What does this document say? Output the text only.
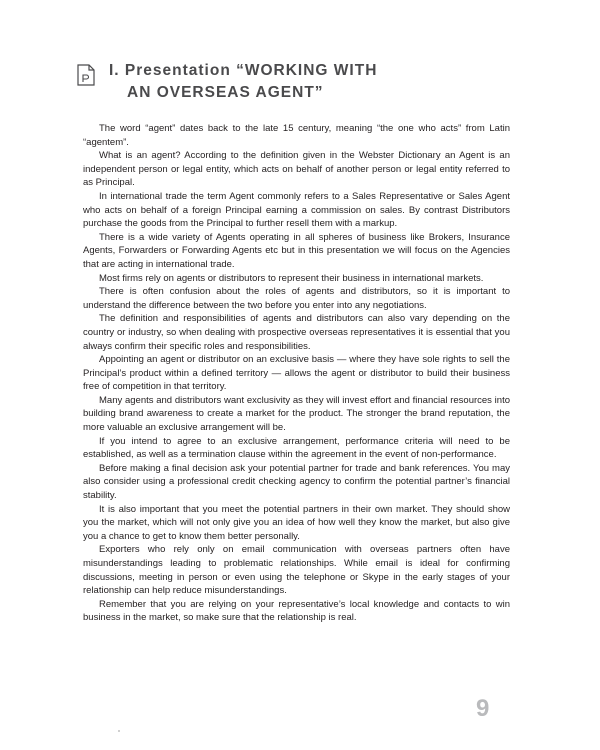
I. Presentation “WORKING WITH
AN OVERSEAS AGENT”

The word “agent” dates back to the late 15 century, meaning “the one who acts” from Latin “agentem”.

What is an agent? According to the definition given in the Webster Dictionary an Agent is an independent person or legal entity, which acts on behalf of another person or legal entity referred to as Principal.

In international trade the term Agent commonly refers to a Sales Representative or Sales Agent who acts on behalf of a foreign Principal earning a commission on sales. By contrast Distributors purchase the goods from the Principal to further resell them with a markup.

There is a wide variety of Agents operating in all spheres of business like Brokers, Insurance Agents, Forwarders or Forwarding Agents etc but in this presentation we will focus on the Agencies that are acting in international trade.

Most firms rely on agents or distributors to represent their business in international markets.

There is often confusion about the roles of agents and distributors, so it is important to understand the difference between the two before you enter into any negotiations.

The definition and responsibilities of agents and distributors can also vary depending on the country or industry, so when dealing with prospective overseas representatives it is essential that you always confirm their specific roles and responsibilities.

Appointing an agent or distributor on an exclusive basis — where they have sole rights to sell the Principal’s product within a defined territory — allows the agent or distributor to build their business free of competition in that territory.

Many agents and distributors want exclusivity as they will invest effort and financial resources into building brand awareness to create a market for the product. The stronger the brand reputation, the more valuable an exclusive arrangement will be.

If you intend to agree to an exclusive arrangement, performance criteria will need to be established, as well as a termination clause within the agreement in the event of non-performance.

Before making a final decision ask your potential partner for trade and bank references. You may also consider using a professional credit checking agency to confirm the potential partner’s financial stability.

It is also important that you meet the potential partners in their own market. They should show you the market, which will not only give you an idea of how well they know the market, but also give you a chance to get to know them better personally.

Exporters who rely only on email communication with overseas partners often have misunderstandings leading to problematic relationships. While email is ideal for confirming discussions, meeting in person or even using the telephone or Skype in the early stages of your relationship can help reduce misunderstandings.

Remember that you are relying on your representative’s local knowledge and contacts to win business in the market, so make sure that the relationship is real.

9
